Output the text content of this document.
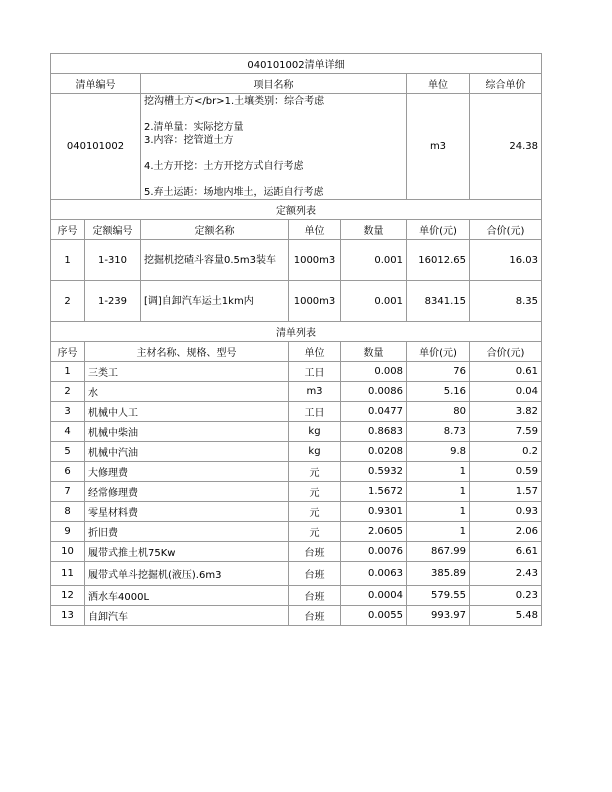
040101002清单详细						
清单编号		项目名称			单位	综合单价
040101002		挖沟槽土方</br>1.土壤类别：综合考虑
2.清单量：实际挖方量
3.内容：挖管道土方
4.土方开挖：土方开挖方式自行考虑
5.弃土运距：场地内堆土，运距自行考虑			m3	24.38
定额列表						
序号	定额编号	定额名称	单位	数量	单价(元)	合价(元)
1	1-310	挖掘机挖碴斗容量0.5m3装车	1000m3	0.001	16012.65	16.03
2	1-239	[调]自卸汽车运土1km内	1000m3	0.001	8341.15	8.35
清单列表						
序号	主材名称、规格、型号		单位	数量	单价(元)	合价(元)
1	三类工		工日	0.008	76	0.61
2	水		m3	0.0086	5.16	0.04
3	机械中人工		工日	0.0477	80	3.82
4	机械中柴油		kg	0.8683	8.73	7.59
5	机械中汽油		kg	0.0208	9.8	0.2
6	大修理费		元	0.5932	1	0.59
7	经常修理费		元	1.5672	1	1.57
8	零星材料费		元	0.9301	1	0.93
9	折旧费		元	2.0605	1	2.06
10	履带式推土机75Kw		台班	0.0076	867.99	6.61
11	履带式单斗挖掘机(液压).6m3		台班	0.0063	385.89	2.43
12	洒水车4000L		台班	0.0004	579.55	0.23
13	自卸汽车		台班	0.0055	993.97	5.48
